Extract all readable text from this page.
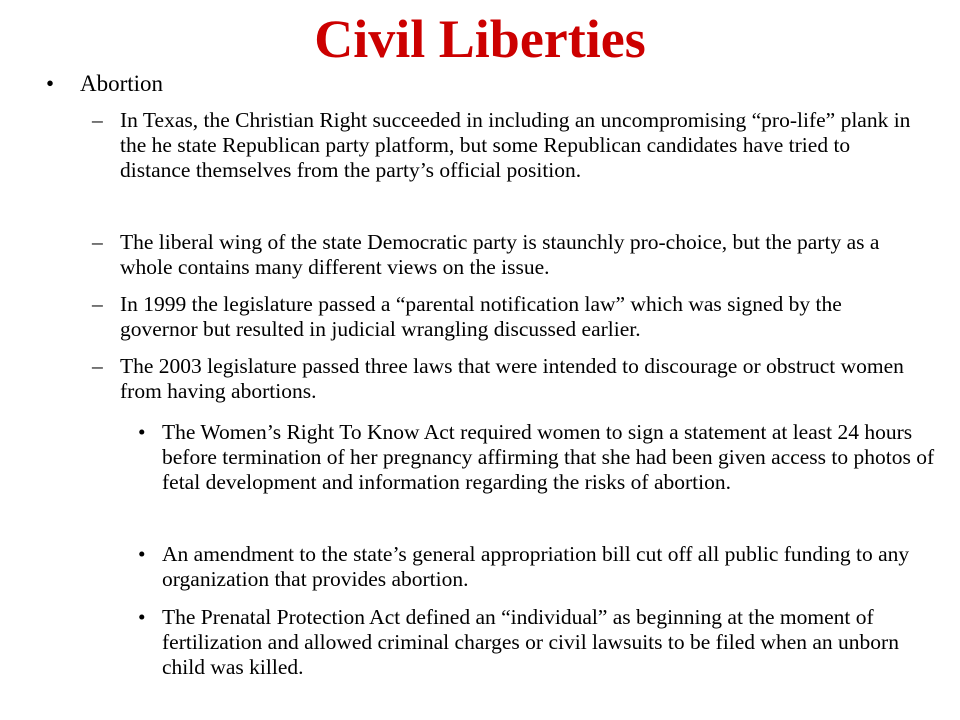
Civil Liberties
• Abortion
– In Texas, the Christian Right succeeded in including an uncompromising “pro-life” plank in the he state Republican party platform, but some Republican candidates have tried to distance themselves from the party’s official position.
– The liberal wing of the state Democratic party is staunchly pro-choice, but the party as a whole contains many different views on the issue.
– In 1999 the legislature passed a “parental notification law” which was signed by the governor but resulted in judicial wrangling discussed earlier.
– The 2003 legislature passed three laws that were intended to discourage or obstruct women from having abortions.
• The Women’s Right To Know Act required women to sign a statement at least 24 hours before termination of her pregnancy affirming that she had been given access to photos of fetal development and information regarding the risks of abortion.
• An amendment to the state’s general appropriation bill cut off all public funding to any organization that provides abortion.
• The Prenatal Protection Act defined an “individual” as beginning at the moment of fertilization and allowed criminal charges or civil lawsuits to be filed when an unborn child was killed.
